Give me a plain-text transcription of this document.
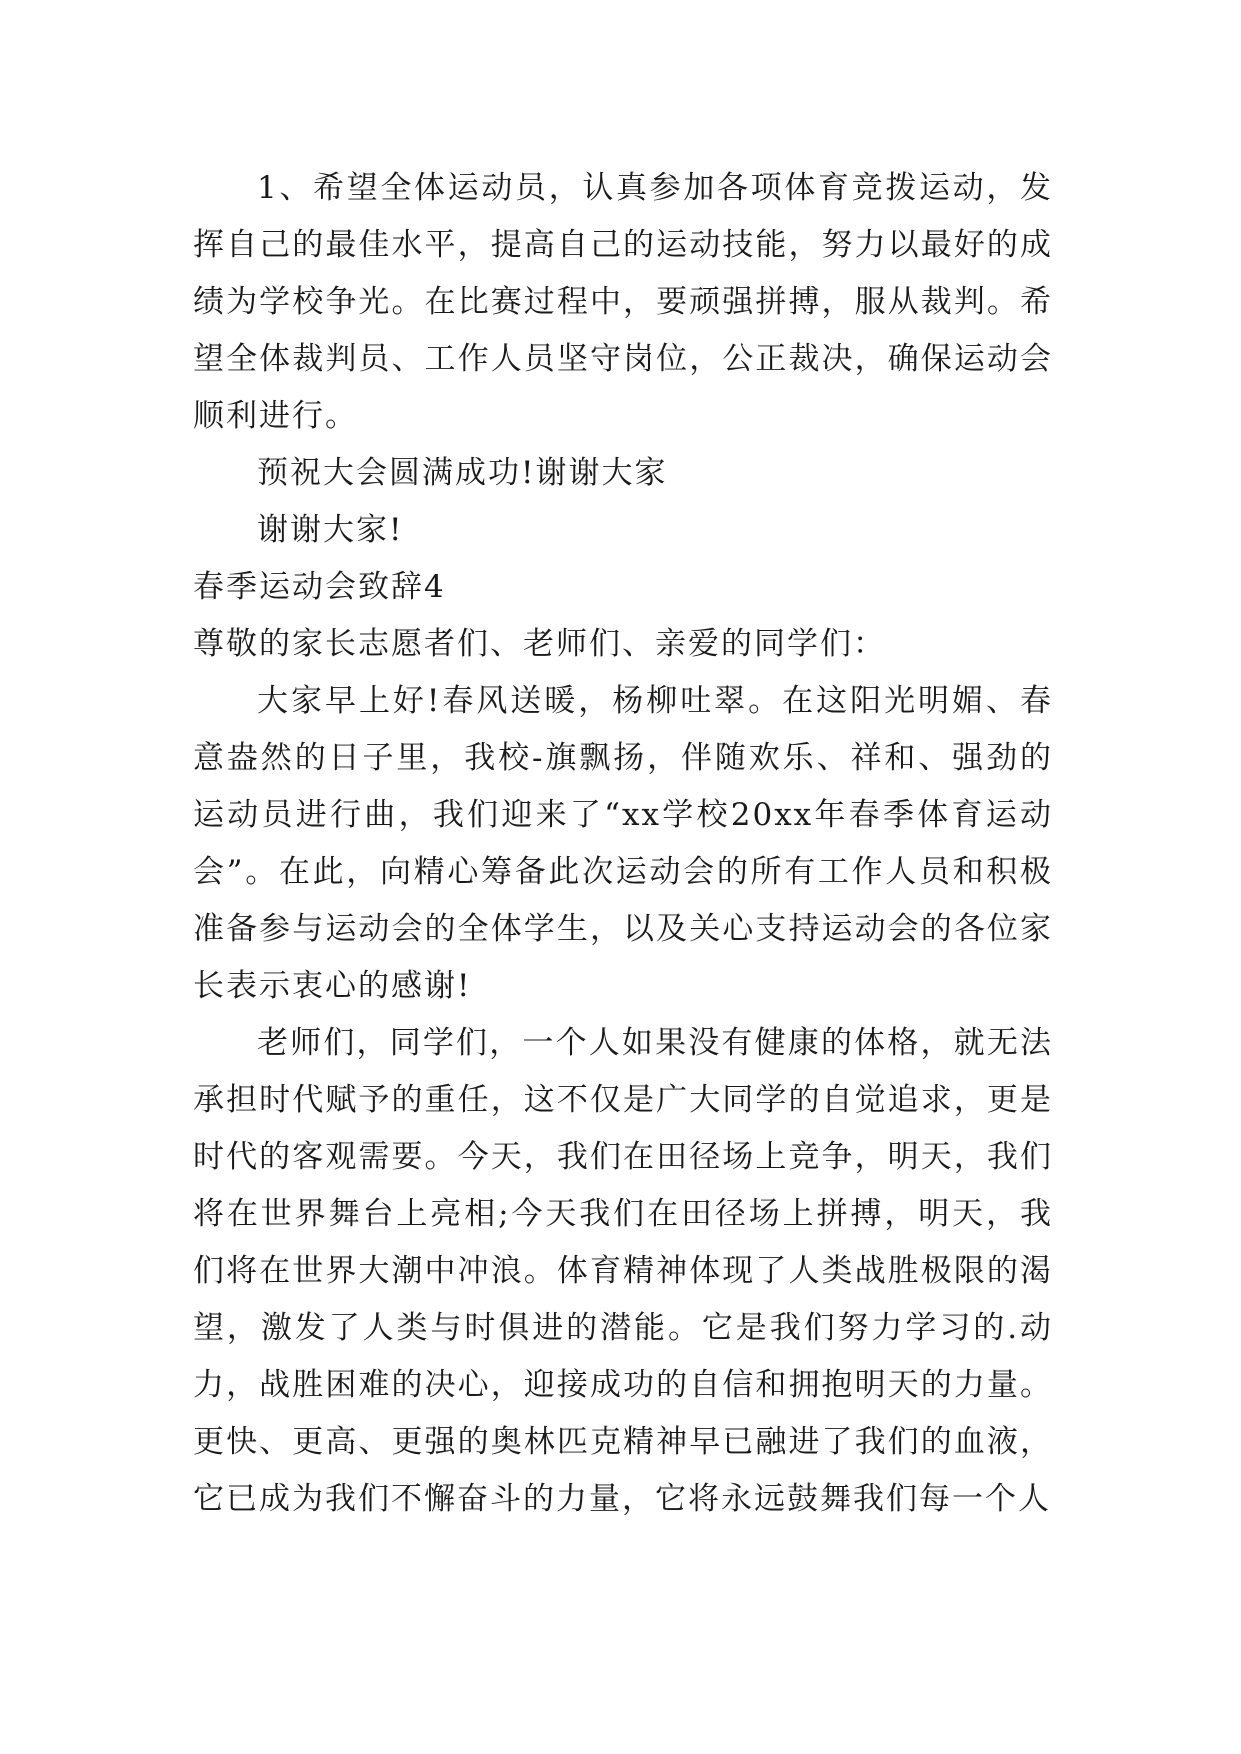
1、希望全体运动员，认真参加各项体育竞拨运动，发挥自己的最佳水平，提高自己的运动技能，努力以最好的成绩为学校争光。在比赛过程中，要顽强拼搏，服从裁判。希望全体裁判员、工作人员坚守岗位，公正裁决，确保运动会顺利进行。

预祝大会圆满成功!谢谢大家

谢谢大家!

春季运动会致辞4

尊敬的家长志愿者们、老师们、亲爱的同学们：

大家早上好!春风送暖，杨柳吐翠。在这阳光明媚、春意盎然的日子里，我校-旗飘扬，伴随欢乐、祥和、强劲的运动员进行曲，我们迎来了“xx学校20xx年春季体育运动会”。在此，向精心筹备此次运动会的所有工作人员和积极准备参与运动会的全体学生，以及关心支持运动会的各位家长表示衷心的感谢!

老师们，同学们，一个人如果没有健康的体格，就无法承担时代赋予的重任，这不仅是广大同学的自觉追求，更是时代的客观需要。今天，我们在田径场上竞争，明天，我们将在世界舞台上亮相;今天我们在田径场上拼搏，明天，我们将在世界大潮中冲浪。体育精神体现了人类战胜极限的渴望，激发了人类与时俱进的潜能。它是我们努力学习的.动力，战胜困难的决心，迎接成功的自信和拥抱明天的力量。更快、更高、更强的奥林匹克精神早已融进了我们的血液，它已成为我们不懈奋斗的力量，它将永远鼓舞我们每一个人
